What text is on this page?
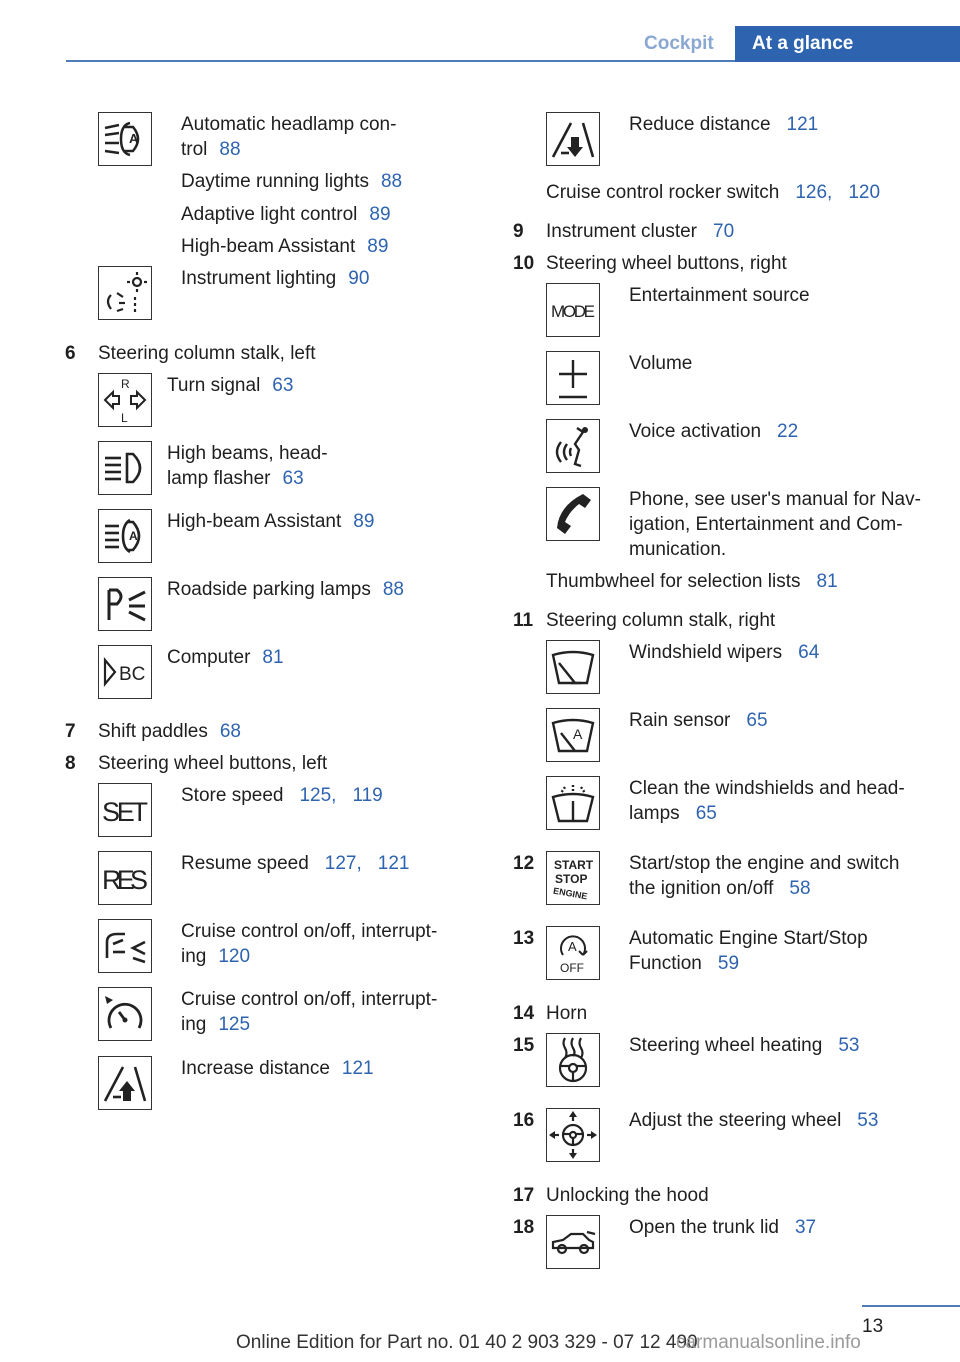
Cockpit At a glance
A
Automatic headlamp con-
trol 88
Daytime running lights 88
Adaptive light control 89
High-beam Assistant 89
Instrument lighting 90
6 Steering column stalk, left
R
L
Turn signal 63
High beams, head-
lamp flasher 63
A
High-beam Assistant 89
Roadside parking lamps 88
BC
Computer 81
7 Shift paddles 68
8 Steering wheel buttons, left
SET
Store speed 125, 119
RES
Resume speed 127, 121
Cruise control on/off, interrupt-
ing 120
Cruise control on/off, interrupt-
ing 125
Increase distance 121
Reduce distance 121
Cruise control rocker switch 126, 120
9 Instrument cluster 70
10 Steering wheel buttons, right
MODE
Entertainment source
Volume
Voice activation 22
Phone, see user's manual for Nav-
igation, Entertainment and Com-
munication.
Thumbwheel for selection lists 81
11 Steering column stalk, right
Windshield wipers 64
A
Rain sensor 65
Clean the windshields and head-
lamps 65
12 START
STOP
ENGINE
Start/stop the engine and switch
the ignition on/off 58
13	A
OFF
Automatic Engine Start/Stop
Function 59
14 Horn
15	Steering wheel heating 53
16	Adjust the steering wheel 53
17 Unlocking the hood
18	Open the trunk lid 37
13
Online Edition for Part no. 01 40 2 903 329 - 07 12 490
carmanualsonline.info
